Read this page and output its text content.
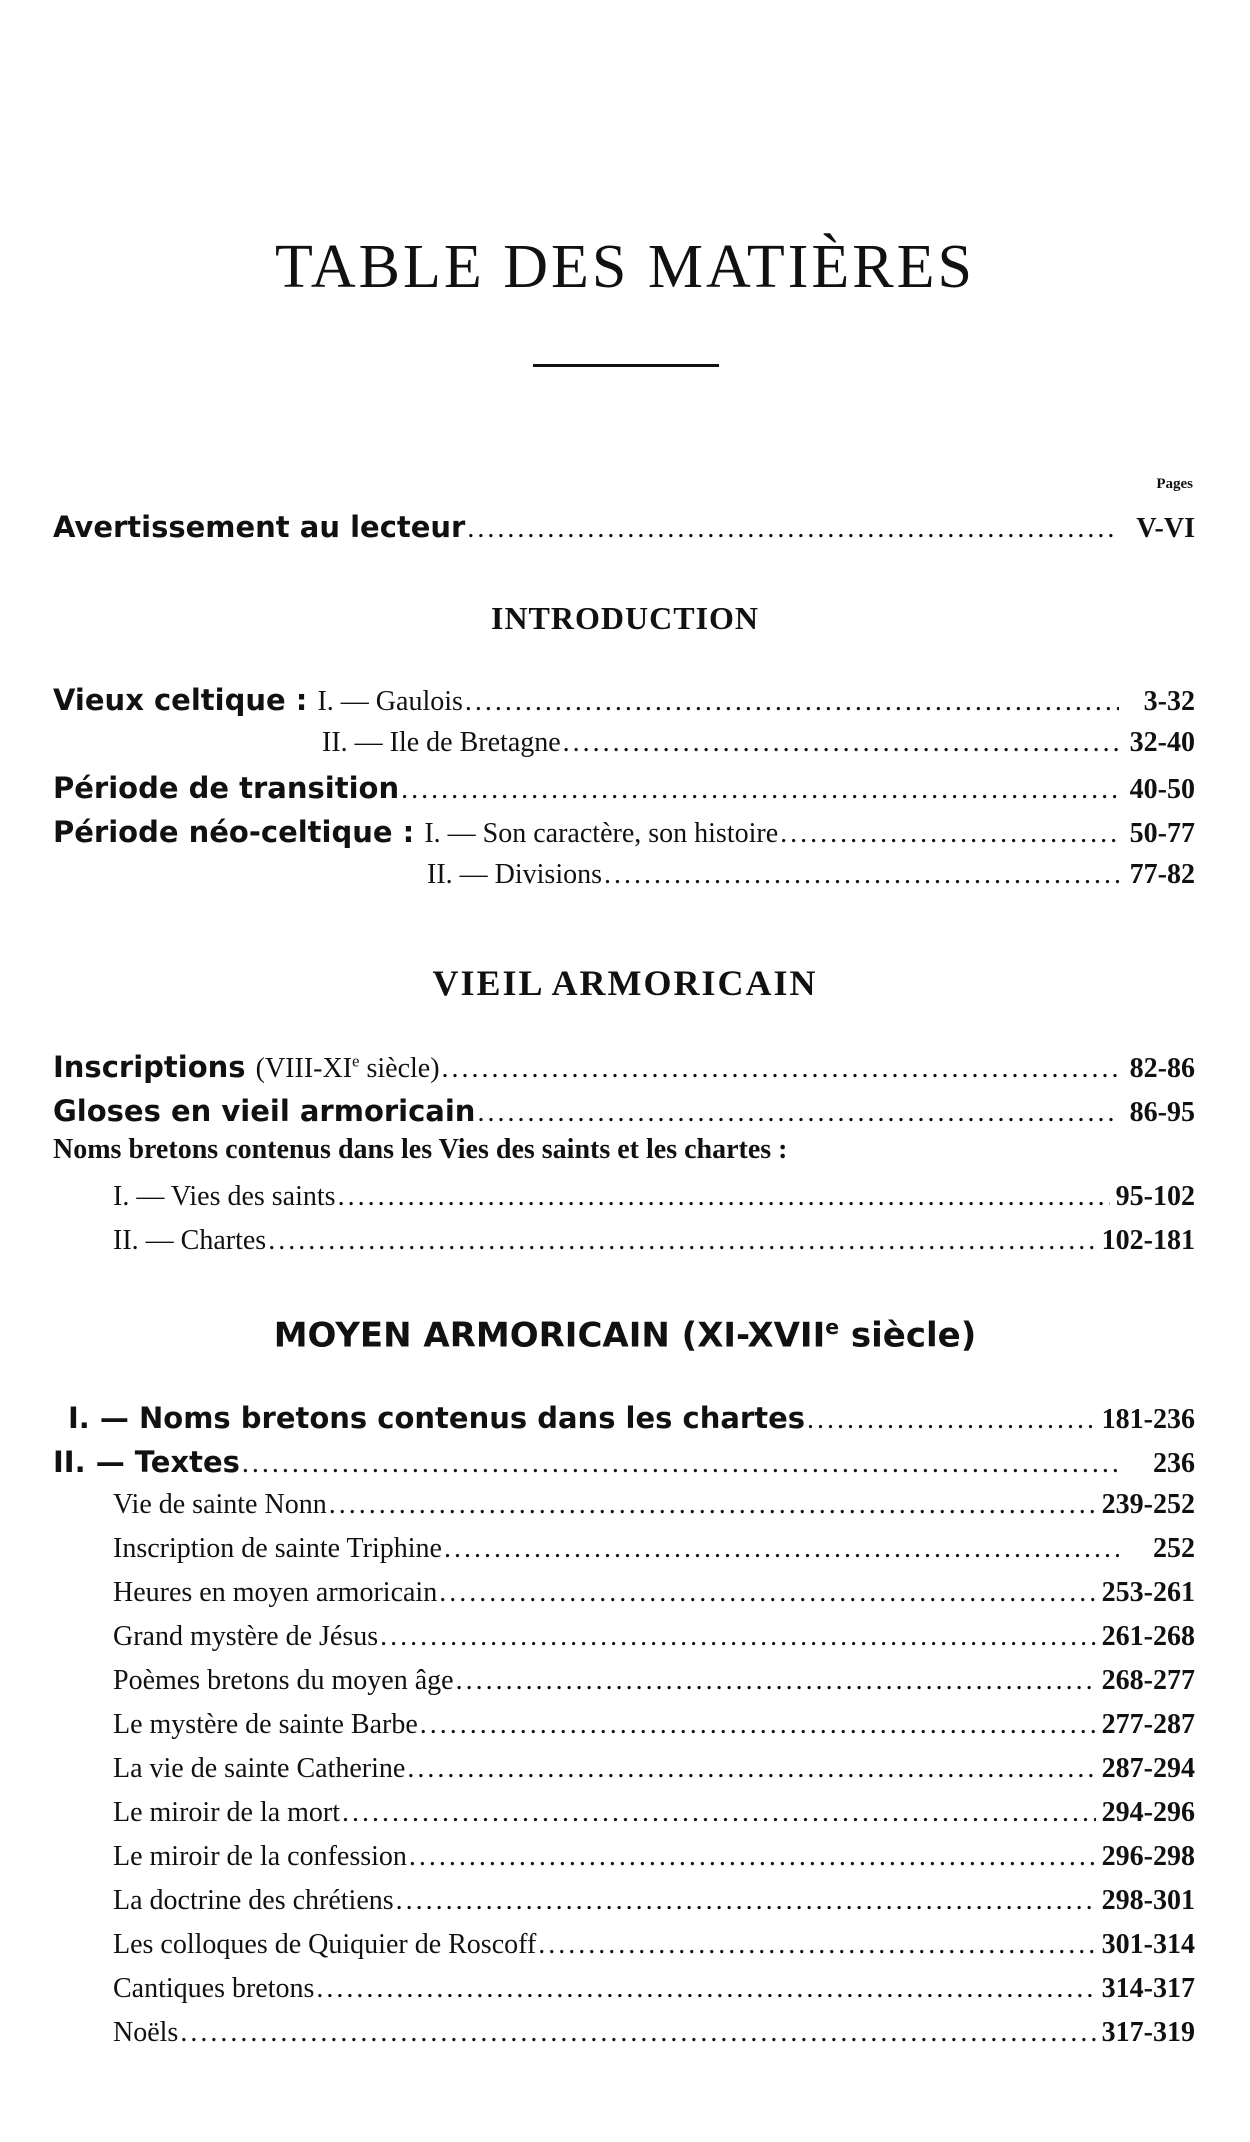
TABLE DES MATIÈRES
Pages
Avertissement au lecteur . . .	V-VI
INTRODUCTION
Vieux celtique : I. — Gaulois . . .	3-32
II. — Ile de Bretagne . . .	32-40
Période de transition . . .	40-50
Période néo-celtique : I. — Son caractère, son histoire . . .	50-77
II. — Divisions . . .	77-82
VIEIL ARMORICAIN
Inscriptions (VIII-XIe siècle) . . .	82-86
Gloses en vieil armoricain . . .	86-95
Noms bretons contenus dans les Vies des saints et les chartes :
I. — Vies des saints . . .	95-102
II. — Chartes . . .	102-181
MOYEN ARMORICAIN (XI-XVIIe siècle)
I. — Noms bretons contenus dans les chartes . . .	181-236
II. — Textes . . .	236
Vie de sainte Nonn . . .	239-252
Inscription de sainte Triphine . . .	252
Heures en moyen armoricain . . .	253-261
Grand mystère de Jésus . . .	261-268
Poèmes bretons du moyen âge . . .	268-277
Le mystère de sainte Barbe . . .	277-287
La vie de sainte Catherine . . .	287-294
Le miroir de la mort . . .	294-296
Le miroir de la confession . . .	296-298
La doctrine des chrétiens . . .	298-301
Les colloques de Quiquier de Roscoff . . .	301-314
Cantiques bretons . . .	314-317
Noëls . . .	317-319
